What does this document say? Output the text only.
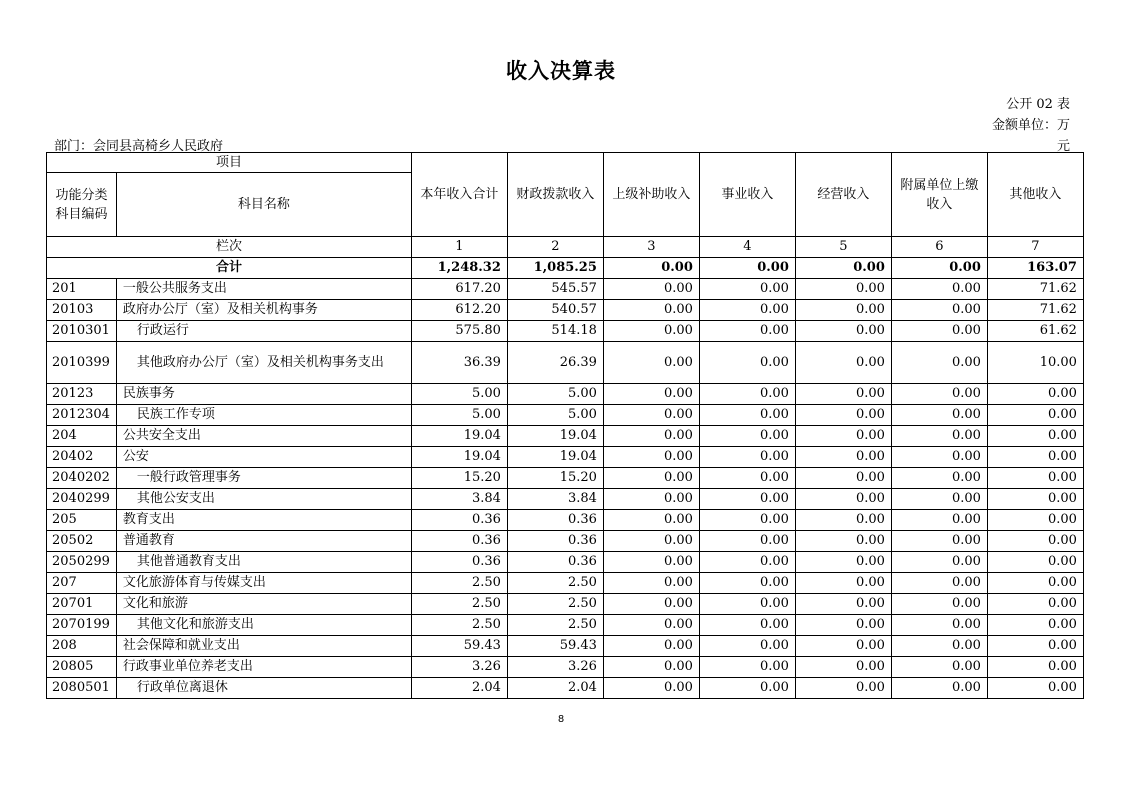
收入决算表
公开 02 表
金额单位：万
元
部门：会同县高椅乡人民政府
项目		本年收入合计	财政拨款收入	上级补助收入	事业收入	经营收入	附属单位上缴收入	其他收入
功能分类科目编码	科目名称							
栏次		1	2	3	4	5	6	7
合计		1,248.32	1,085.25	0.00	0.00	0.00	0.00	163.07
201	一般公共服务支出	617.20	545.57	0.00	0.00	0.00	0.00	71.62
20103	政府办公厅（室）及相关机构事务	612.20	540.57	0.00	0.00	0.00	0.00	71.62
2010301	行政运行	575.80	514.18	0.00	0.00	0.00	0.00	61.62
2010399	其他政府办公厅（室）及相关机构事务支出	36.39	26.39	0.00	0.00	0.00	0.00	10.00
20123	民族事务	5.00	5.00	0.00	0.00	0.00	0.00	0.00
2012304	民族工作专项	5.00	5.00	0.00	0.00	0.00	0.00	0.00
204	公共安全支出	19.04	19.04	0.00	0.00	0.00	0.00	0.00
20402	公安	19.04	19.04	0.00	0.00	0.00	0.00	0.00
2040202	一般行政管理事务	15.20	15.20	0.00	0.00	0.00	0.00	0.00
2040299	其他公安支出	3.84	3.84	0.00	0.00	0.00	0.00	0.00
205	教育支出	0.36	0.36	0.00	0.00	0.00	0.00	0.00
20502	普通教育	0.36	0.36	0.00	0.00	0.00	0.00	0.00
2050299	其他普通教育支出	0.36	0.36	0.00	0.00	0.00	0.00	0.00
207	文化旅游体育与传媒支出	2.50	2.50	0.00	0.00	0.00	0.00	0.00
20701	文化和旅游	2.50	2.50	0.00	0.00	0.00	0.00	0.00
2070199	其他文化和旅游支出	2.50	2.50	0.00	0.00	0.00	0.00	0.00
208	社会保障和就业支出	59.43	59.43	0.00	0.00	0.00	0.00	0.00
20805	行政事业单位养老支出	3.26	3.26	0.00	0.00	0.00	0.00	0.00
2080501	行政单位离退休	2.04	2.04	0.00	0.00	0.00	0.00	0.00
8
